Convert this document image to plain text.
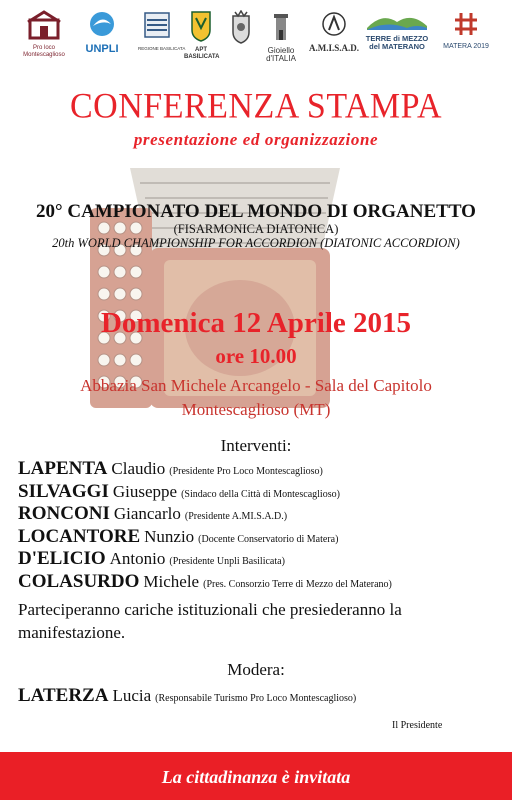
Pro loco
Montescaglioso	UNPLI	REGIONE BASILICATA	APT
BASILICATA
Gioiello
d'ITALIA
A.M.I.S.A.D.
TERRE di MEZZO
del MATERANO	MATERA 2019
CONFERENZA STAMPA
presentazione ed organizzazione
20° CAMPIONATO DEL MONDO DI ORGANETTO
(FISARMONICA DIATONICA)
20th WORLD CHAMPIONSHIP FOR ACCORDION (DIATONIC ACCORDION)
Domenica 12 Aprile 2015
ore 10.00
Abbazia San Michele Arcangelo - Sala del Capitolo
Montescaglioso (MT)
Interventi:
LAPENTA Claudio (Presidente Pro Loco Montescaglioso)
SILVAGGI Giuseppe (Sindaco della Città di Montescaglioso)
RONCONI Giancarlo (Presidente A.MI.S.A.D.)
LOCANTORE Nunzio (Docente Conservatorio di Matera)
D'ELICIO Antonio (Presidente Unpli Basilicata)
COLASURDO Michele (Pres. Consorzio Terre di Mezzo del Materano)
Parteciperanno cariche istituzionali che presiederanno la manifestazione.
Modera:
LATERZA Lucia (Responsabile Turismo Pro Loco Montescaglioso)
Il Presidente
La cittadinanza è invitata
